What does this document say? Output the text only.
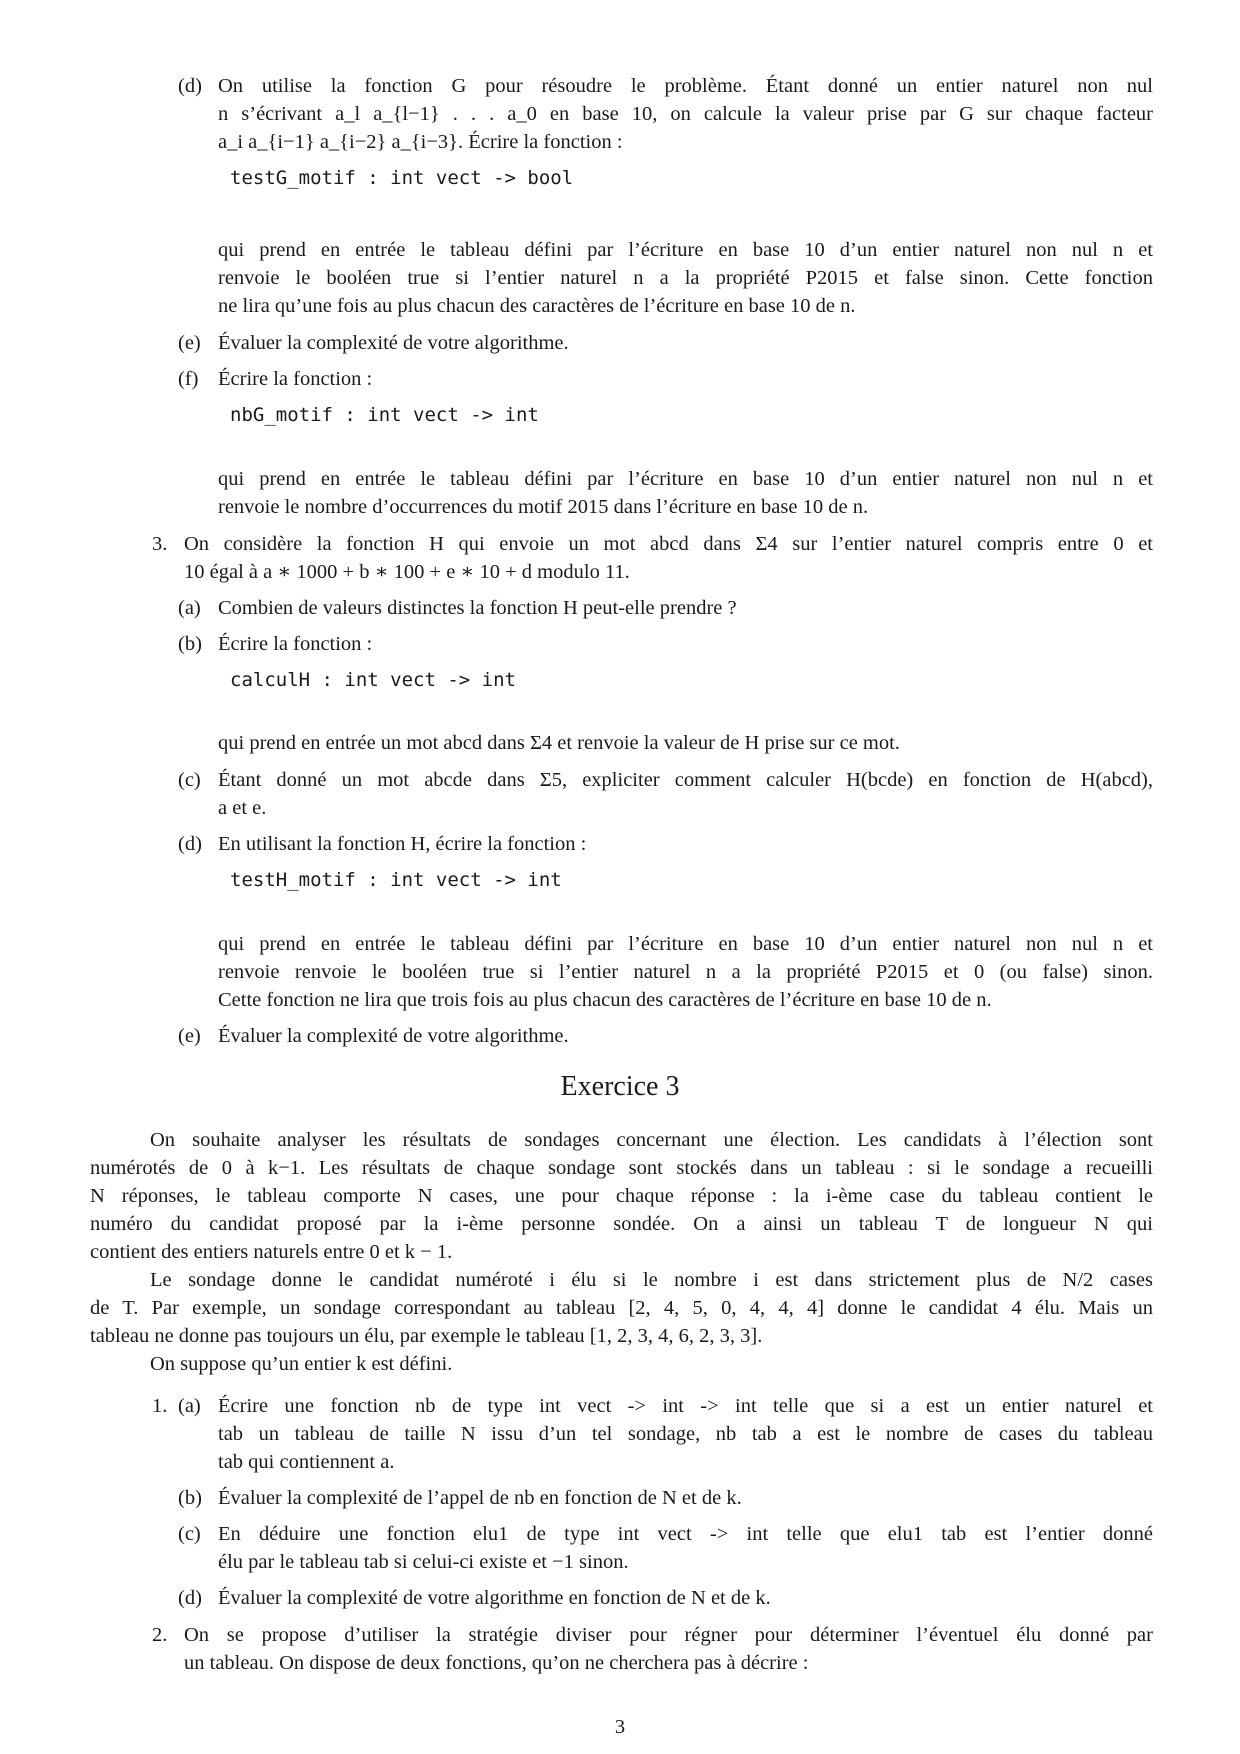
(d) On utilise la fonction G pour résoudre le problème. Étant donné un entier naturel non nul
n s’écrivant a_l a_{l−1} . . . a_0 en base 10, on calcule la valeur prise par G sur chaque facteur
a_i a_{i−1} a_{i−2} a_{i−3}. Écrire la fonction :
testG_motif : int vect -> bool
qui prend en entrée le tableau défini par l’écriture en base 10 d’un entier naturel non nul n et
renvoie le booléen true si l’entier naturel n a la propriété P2015 et false sinon. Cette fonction
ne lira qu’une fois au plus chacun des caractères de l’écriture en base 10 de n.
(e) Évaluer la complexité de votre algorithme.
(f) Écrire la fonction :
nbG_motif : int vect -> int
qui prend en entrée le tableau défini par l’écriture en base 10 d’un entier naturel non nul n et
renvoie le nombre d’occurrences du motif 2015 dans l’écriture en base 10 de n.
3. On considère la fonction H qui envoie un mot abcd dans Σ4 sur l’entier naturel compris entre 0 et
10 égal à a ∗ 1000 + b ∗ 100 + e ∗ 10 + d modulo 11.
(a) Combien de valeurs distinctes la fonction H peut-elle prendre ?
(b) Écrire la fonction :
calculH : int vect -> int
qui prend en entrée un mot abcd dans Σ4 et renvoie la valeur de H prise sur ce mot.
(c) Étant donné un mot abcde dans Σ5, expliciter comment calculer H(bcde) en fonction de H(abcd),
a et e.
(d) En utilisant la fonction H, écrire la fonction :
testH_motif : int vect -> int
qui prend en entrée le tableau défini par l’écriture en base 10 d’un entier naturel non nul n et
renvoie renvoie le booléen true si l’entier naturel n a la propriété P2015 et 0 (ou false) sinon.
Cette fonction ne lira que trois fois au plus chacun des caractères de l’écriture en base 10 de n.
(e) Évaluer la complexité de votre algorithme.
Exercice 3
On souhaite analyser les résultats de sondages concernant une élection. Les candidats à l’élection sont
numérotés de 0 à k−1. Les résultats de chaque sondage sont stockés dans un tableau : si le sondage a recueilli
N réponses, le tableau comporte N cases, une pour chaque réponse : la i-ème case du tableau contient le
numéro du candidat proposé par la i-ème personne sondée. On a ainsi un tableau T de longueur N qui
contient des entiers naturels entre 0 et k − 1.
Le sondage donne le candidat numéroté i élu si le nombre i est dans strictement plus de N/2 cases
de T. Par exemple, un sondage correspondant au tableau [2, 4, 5, 0, 4, 4, 4] donne le candidat 4 élu. Mais un
tableau ne donne pas toujours un élu, par exemple le tableau [1, 2, 3, 4, 6, 2, 3, 3].
On suppose qu’un entier k est défini.
1. (a) Écrire une fonction nb de type int vect -> int -> int telle que si a est un entier naturel et
tab un tableau de taille N issu d’un tel sondage, nb tab a est le nombre de cases du tableau
tab qui contiennent a.
(b) Évaluer la complexité de l’appel de nb en fonction de N et de k.
(c) En déduire une fonction elu1 de type int vect -> int telle que elu1 tab est l’entier donné
élu par le tableau tab si celui-ci existe et −1 sinon.
(d) Évaluer la complexité de votre algorithme en fonction de N et de k.
2. On se propose d’utiliser la stratégie diviser pour régner pour déterminer l’éventuel élu donné par
un tableau. On dispose de deux fonctions, qu’on ne cherchera pas à décrire :
3
